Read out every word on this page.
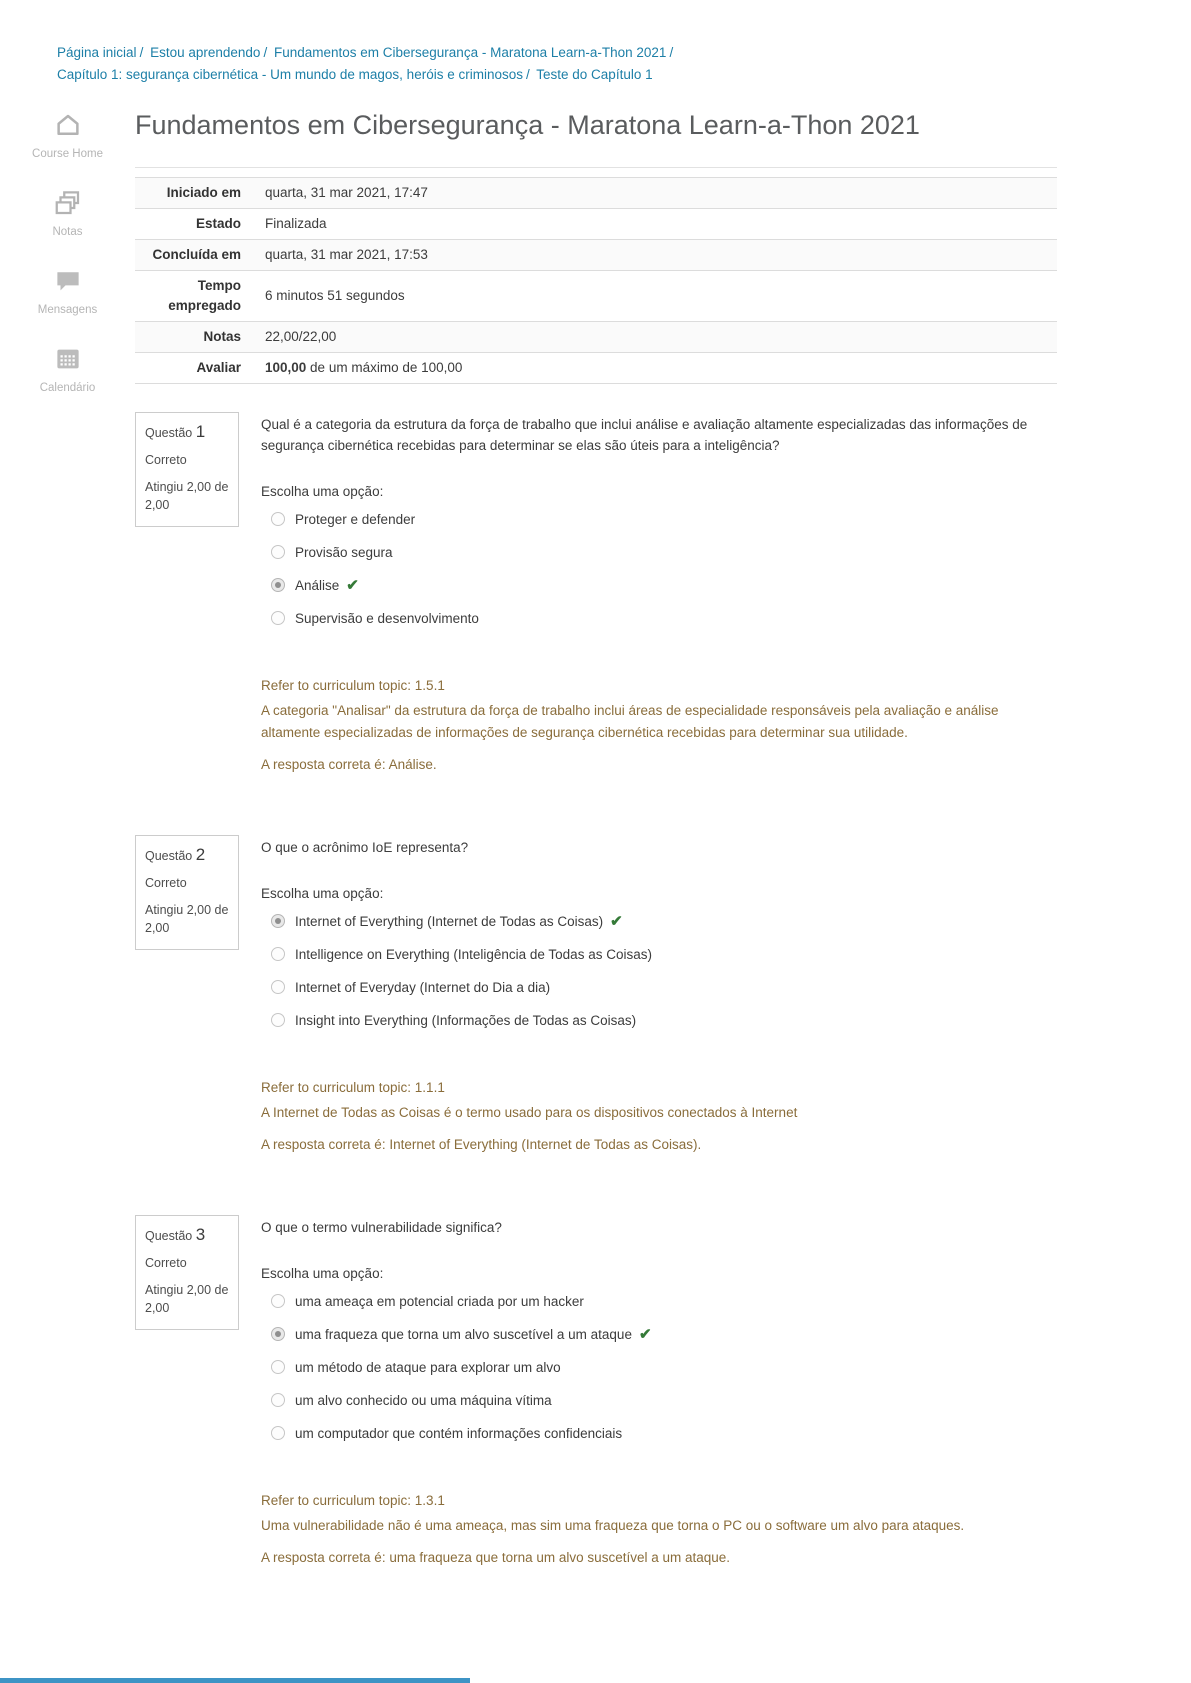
Página inicial / Estou aprendendo / Fundamentos em Cibersegurança - Maratona Learn-a-Thon 2021 / Capítulo 1: segurança cibernética - Um mundo de magos, heróis e criminosos / Teste do Capítulo 1
Course Home
Notas
Mensagens
Calendário
Fundamentos em Cibersegurança - Maratona Learn-a-Thon 2021
Iniciado em	quarta, 31 mar 2021, 17:47
Estado	Finalizada
Concluída em	quarta, 31 mar 2021, 17:53
Tempo empregado	6 minutos 51 segundos
Notas	22,00/22,00
Avaliar	100,00 de um máximo de 100,00
Questão 1
Correto
Atingiu 2,00 de 2,00

Qual é a categoria da estrutura da força de trabalho que inclui análise e avaliação altamente especializadas das informações de segurança cibernética recebidas para determinar se elas são úteis para a inteligência?

Escolha uma opção:
Proteger e defender
Provisão segura
Análise ✔
Supervisão e desenvolvimento

Refer to curriculum topic: 1.5.1

A categoria "Analisar" da estrutura da força de trabalho inclui áreas de especialidade responsáveis pela avaliação e análise altamente especializadas de informações de segurança cibernética recebidas para determinar sua utilidade.

A resposta correta é: Análise.

Questão 2
Correto
Atingiu 2,00 de 2,00

O que o acrônimo IoE representa?

Escolha uma opção:
Internet of Everything (Internet de Todas as Coisas) ✔
Intelligence on Everything (Inteligência de Todas as Coisas)
Internet of Everyday (Internet do Dia a dia)
Insight into Everything (Informações de Todas as Coisas)

Refer to curriculum topic: 1.1.1

A Internet de Todas as Coisas é o termo usado para os dispositivos conectados à Internet

A resposta correta é: Internet of Everything (Internet de Todas as Coisas).

Questão 3
Correto
Atingiu 2,00 de 2,00

O que o termo vulnerabilidade significa?

Escolha uma opção:
uma ameaça em potencial criada por um hacker
uma fraqueza que torna um alvo suscetível a um ataque ✔
um método de ataque para explorar um alvo
um alvo conhecido ou uma máquina vítima
um computador que contém informações confidenciais

Refer to curriculum topic: 1.3.1

Uma vulnerabilidade não é uma ameaça, mas sim uma fraqueza que torna o PC ou o software um alvo para ataques.

A resposta correta é: uma fraqueza que torna um alvo suscetível a um ataque.
